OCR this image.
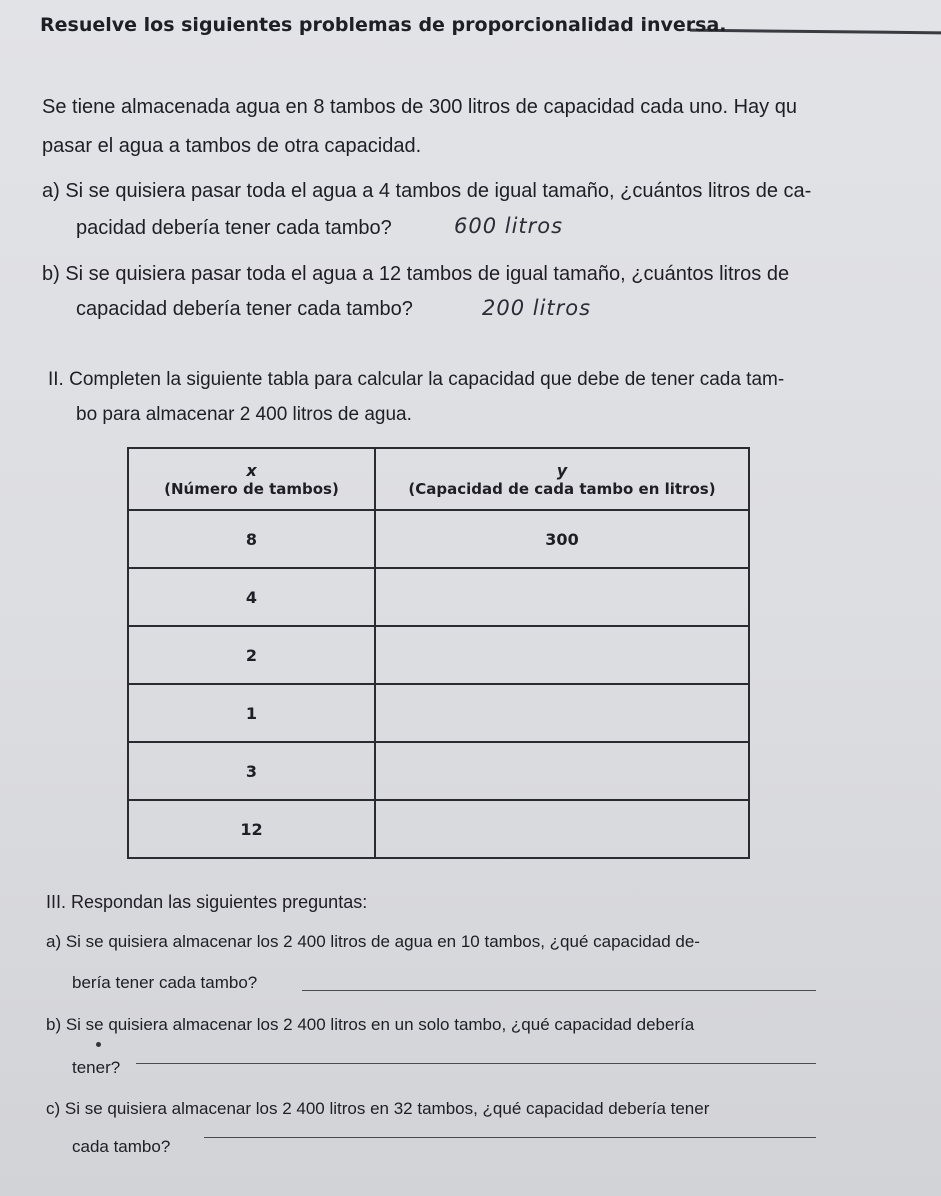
Resuelve los siguientes problemas de proporcionalidad inversa.
Se tiene almacenada agua en 8 tambos de 300 litros de capacidad cada uno. Hay qu
pasar el agua a tambos de otra capacidad.
a) Si se quisiera pasar toda el agua a 4 tambos de igual tamaño, ¿cuántos litros de ca-
pacidad debería tener cada tambo?	600 litros
b) Si se quisiera pasar toda el agua a 12 tambos de igual tamaño, ¿cuántos litros de
capacidad debería tener cada tambo?	200 litros
II. Completen la siguiente tabla para calcular la capacidad que debe de tener cada tam-
bo para almacenar 2 400 litros de agua.
x
(Número de tambos)	y
(Capacidad de cada tambo en litros)
8	300
4	
2	
1	
3	
12	
III. Respondan las siguientes preguntas:
a) Si se quisiera almacenar los 2 400 litros de agua en 10 tambos, ¿qué capacidad de-
bería tener cada tambo?
b) Si se quisiera almacenar los 2 400 litros en un solo tambo, ¿qué capacidad debería
tener?
c) Si se quisiera almacenar los 2 400 litros en 32 tambos, ¿qué capacidad debería tener
cada tambo?
